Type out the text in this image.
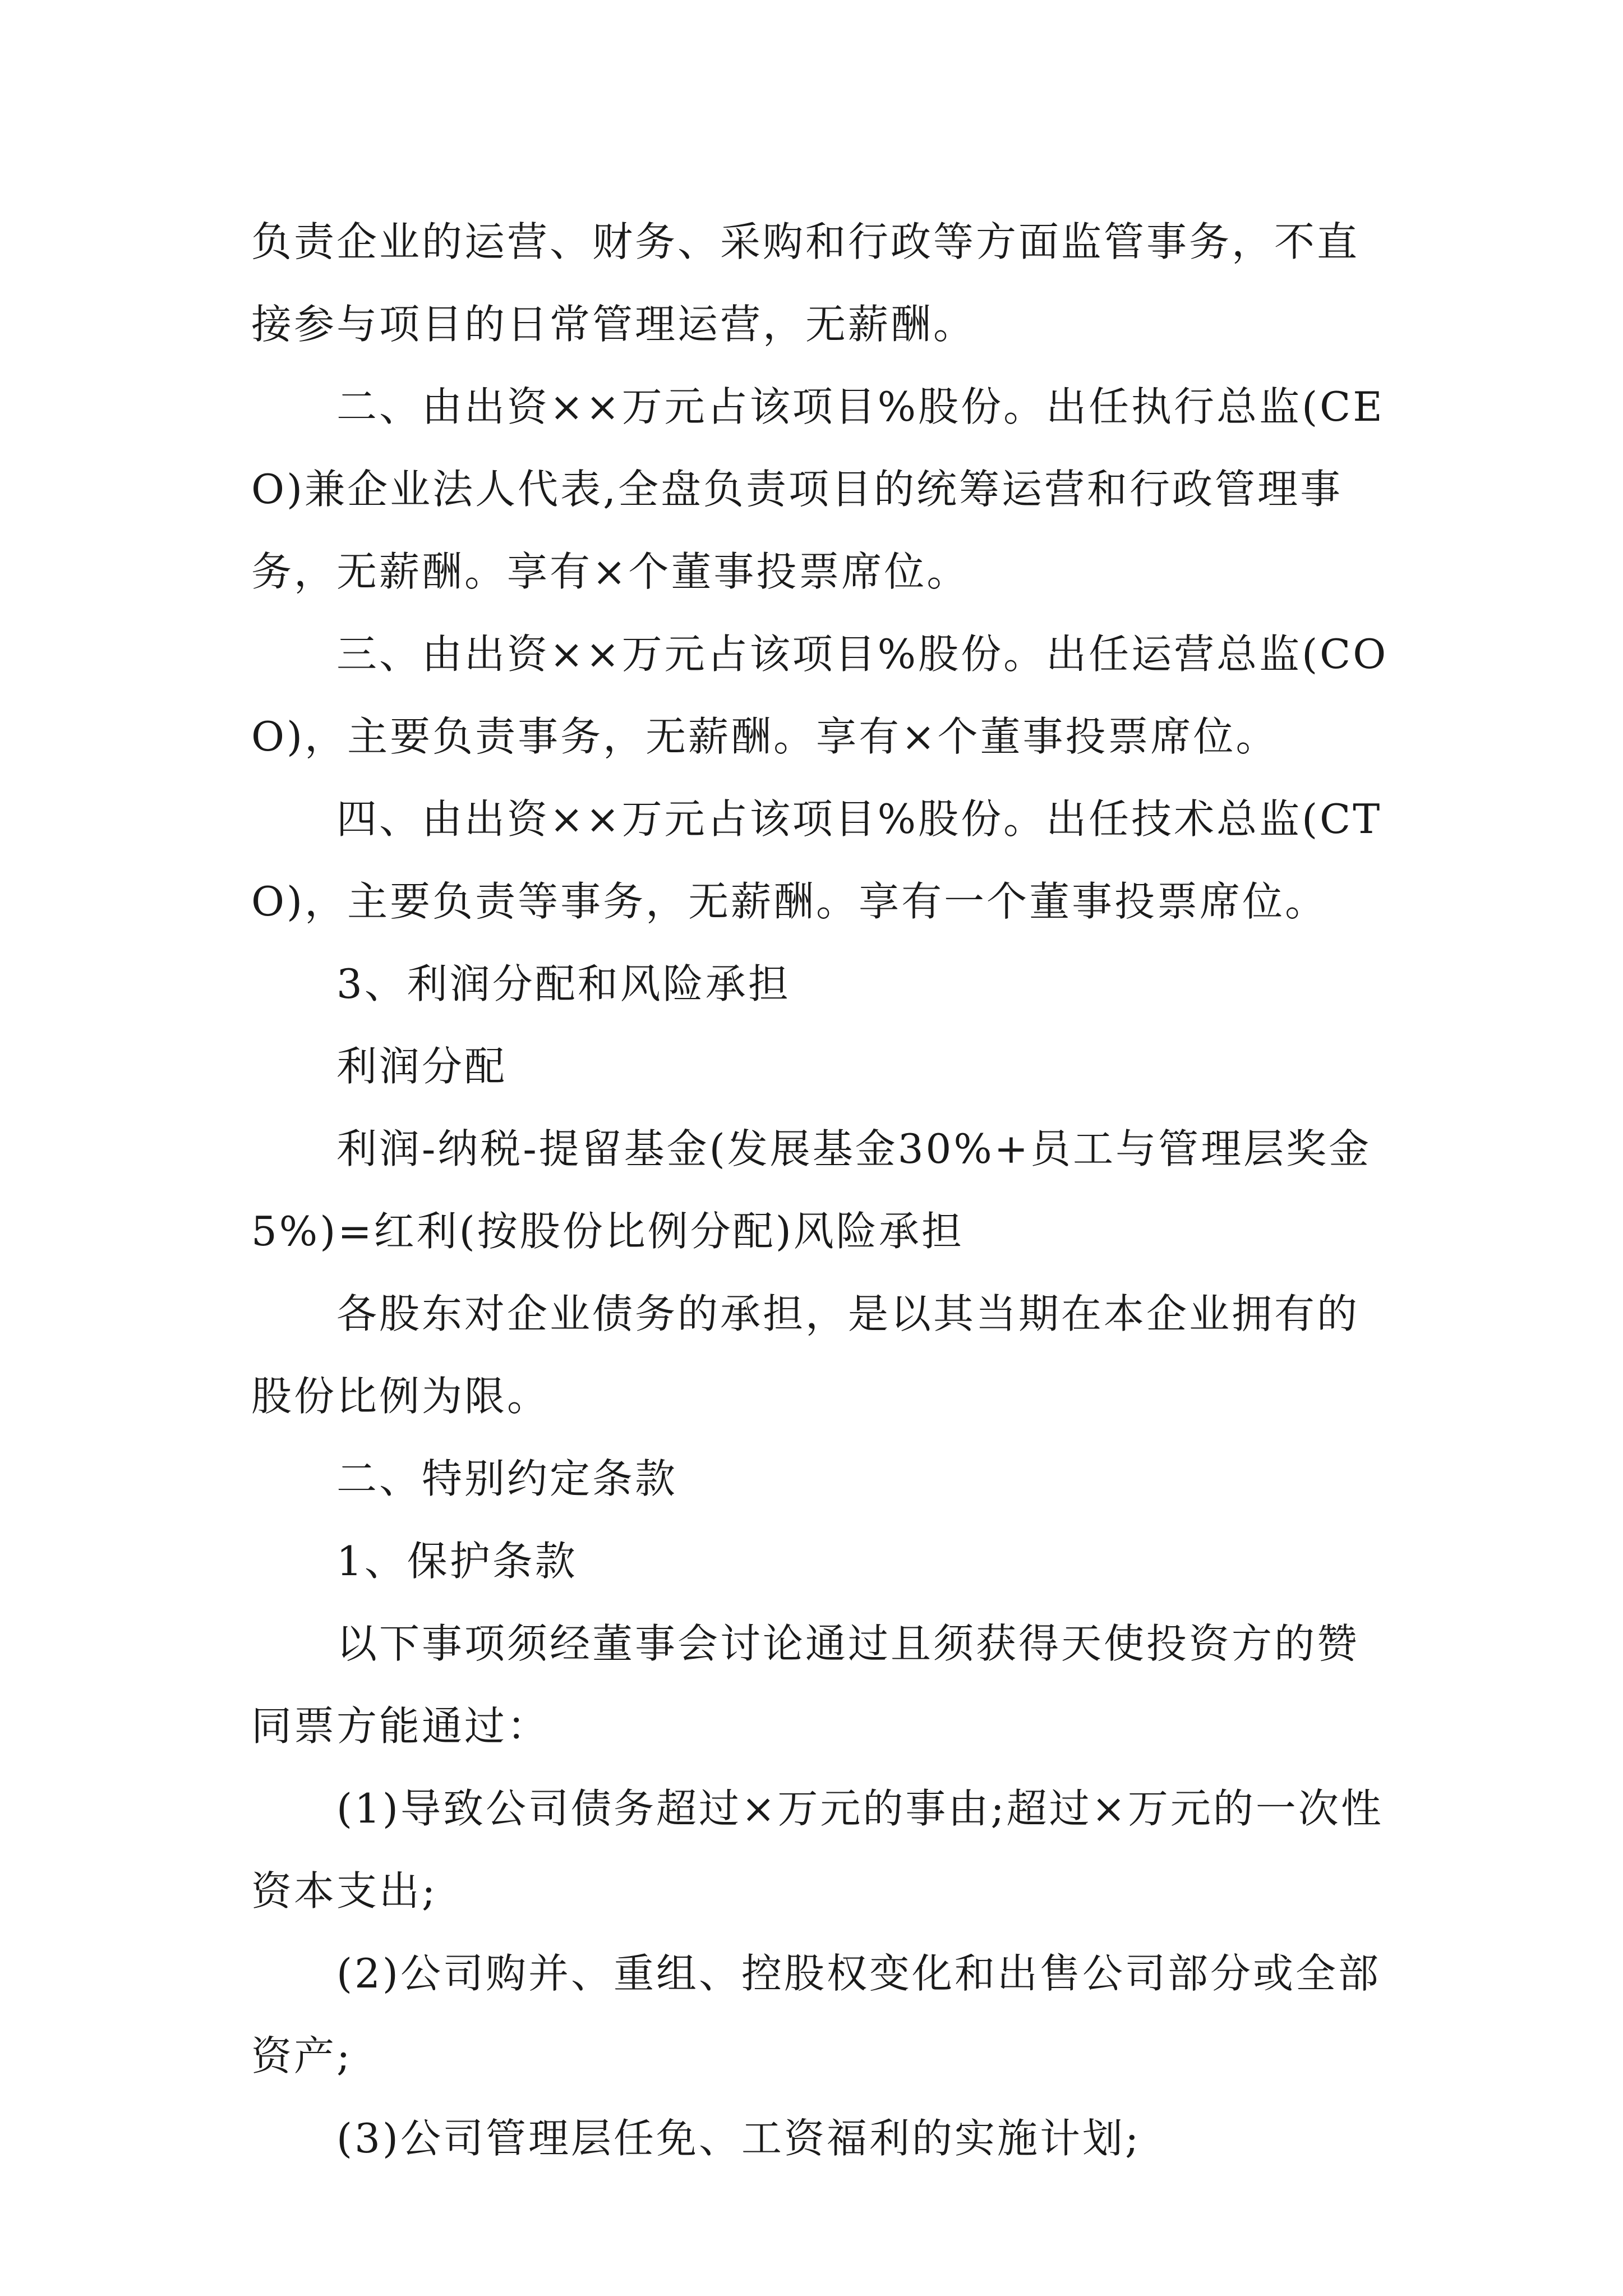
负责企业的运营、财务、采购和行政等方面监管事务，不直接参与项目的日常管理运营，无薪酬。

二、由出资××万元占该项目%股份。出任执行总监(CEO)兼企业法人代表,全盘负责项目的统筹运营和行政管理事务，无薪酬。享有×个董事投票席位。

三、由出资××万元占该项目%股份。出任运营总监(COO)，主要负责事务，无薪酬。享有×个董事投票席位。

四、由出资××万元占该项目%股份。出任技术总监(CTO)，主要负责等事务，无薪酬。享有一个董事投票席位。

3、利润分配和风险承担

利润分配

利润-纳税-提留基金(发展基金30%+员工与管理层奖金5%)=红利(按股份比例分配)风险承担

各股东对企业债务的承担，是以其当期在本企业拥有的股份比例为限。

二、特别约定条款

1、保护条款

以下事项须经董事会讨论通过且须获得天使投资方的赞同票方能通过：

(1)导致公司债务超过×万元的事由;超过×万元的一次性资本支出;

(2)公司购并、重组、控股权变化和出售公司部分或全部资产;

(3)公司管理层任免、工资福利的实施计划;
